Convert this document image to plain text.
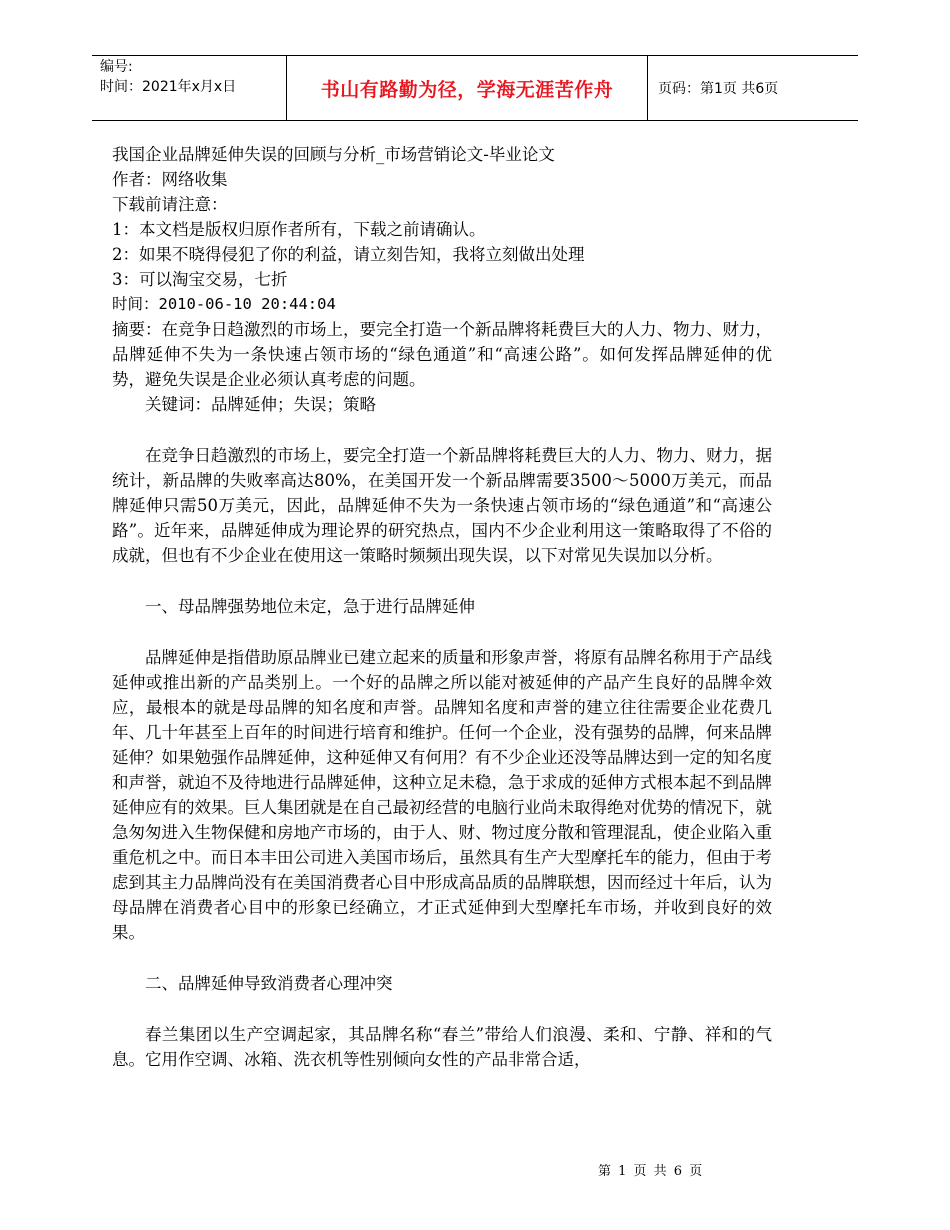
编号:
时间：2021年x月x日	书山有路勤为径，学海无涯苦作舟	页码：第1页 共6页
我国企业品牌延伸失误的回顾与分析_市场营销论文-毕业论文
作者：网络收集
下载前请注意：
1：本文档是版权归原作者所有，下载之前请确认。
2：如果不晓得侵犯了你的利益，请立刻告知，我将立刻做出处理
3：可以淘宝交易，七折
时间：2010-06-10 20:44:04
摘要：在竞争日趋激烈的市场上，要完全打造一个新品牌将耗费巨大的人力、物力、财力，品牌延伸不失为一条快速占领市场的“绿色通道”和“高速公路”。如何发挥品牌延伸的优势，避免失误是企业必须认真考虑的问题。
关键词：品牌延伸；失误；策略
在竞争日趋激烈的市场上，要完全打造一个新品牌将耗费巨大的人力、物力、财力，据统计，新品牌的失败率高达80%，在美国开发一个新品牌需要3500～5000万美元，而品牌延伸只需50万美元，因此，品牌延伸不失为一条快速占领市场的“绿色通道”和“高速公路”。近年来，品牌延伸成为理论界的研究热点，国内不少企业利用这一策略取得了不俗的成就，但也有不少企业在使用这一策略时频频出现失误，以下对常见失误加以分析。
一、母品牌强势地位未定，急于进行品牌延伸
品牌延伸是指借助原品牌业已建立起来的质量和形象声誉，将原有品牌名称用于产品线延伸或推出新的产品类别上。一个好的品牌之所以能对被延伸的产品产生良好的品牌伞效应，最根本的就是母品牌的知名度和声誉。品牌知名度和声誉的建立往往需要企业花费几年、几十年甚至上百年的时间进行培育和维护。任何一个企业，没有强势的品牌，何来品牌延伸？如果勉强作品牌延伸，这种延伸又有何用？有不少企业还没等品牌达到一定的知名度和声誉，就迫不及待地进行品牌延伸，这种立足未稳，急于求成的延伸方式根本起不到品牌延伸应有的效果。巨人集团就是在自己最初经营的电脑行业尚未取得绝对优势的情况下，就急匆匆进入生物保健和房地产市场的，由于人、财、物过度分散和管理混乱，使企业陷入重重危机之中。而日本丰田公司进入美国市场后，虽然具有生产大型摩托车的能力，但由于考虑到其主力品牌尚没有在美国消费者心目中形成高品质的品牌联想，因而经过十年后，认为母品牌在消费者心目中的形象已经确立，才正式延伸到大型摩托车市场，并收到良好的效果。
二、品牌延伸导致消费者心理冲突
春兰集团以生产空调起家，其品牌名称“春兰”带给人们浪漫、柔和、宁静、祥和的气息。它用作空调、冰箱、洗衣机等性别倾向女性的产品非常合适，
第 1 页 共 6 页
